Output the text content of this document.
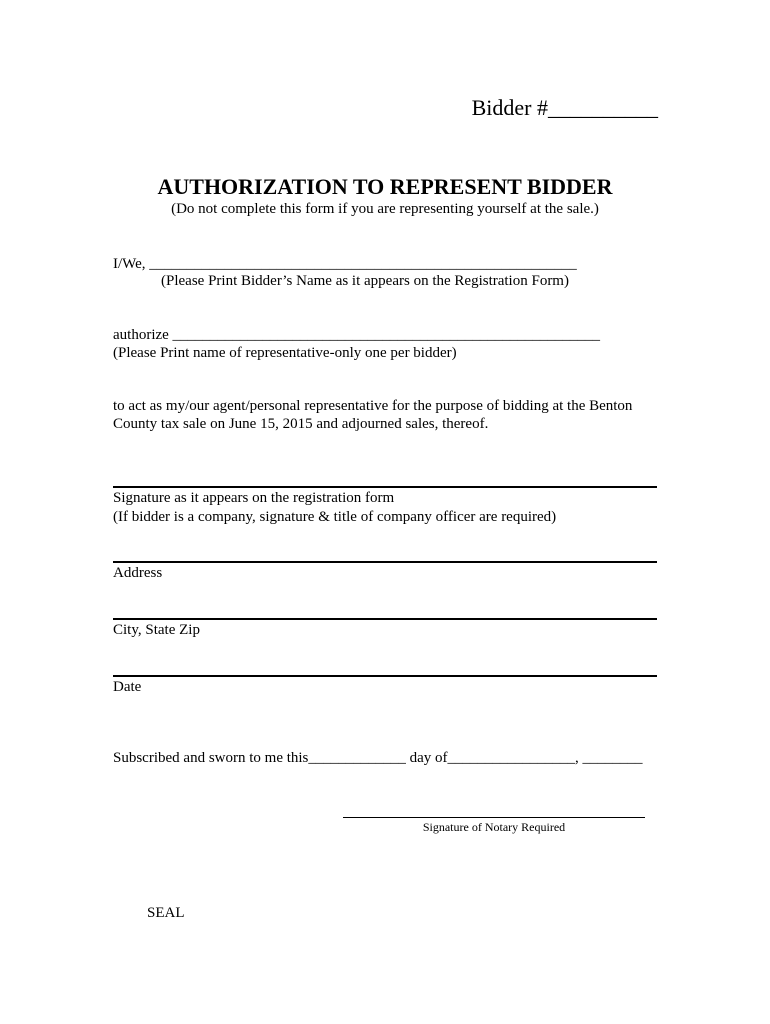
Bidder #__________
AUTHORIZATION TO REPRESENT BIDDER
(Do not complete this form if you are representing yourself at the sale.)
I/We, _________________________________________________________
(Please Print Bidder’s Name as it appears on the Registration Form)
authorize _________________________________________________________
(Please Print name of representative-only one per bidder)
to act as my/our agent/personal representative for the purpose of bidding at the Benton
County tax sale on June 15, 2015 and adjourned sales, thereof.
Signature as it appears on the registration form
(If bidder is a company, signature & title of company officer are required)
Address
City, State Zip
Date
Subscribed and sworn to me this_____________ day of_________________, ________
Signature of Notary Required
SEAL
